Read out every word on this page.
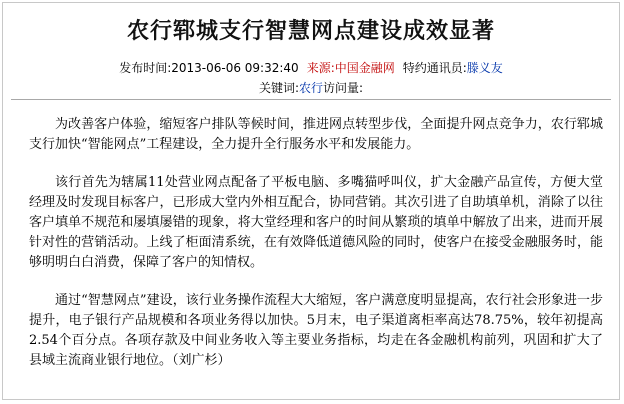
农行郓城支行智慧网点建设成效显著
发布时间:2013-06-06 09:32:40 来源:中国金融网 特约通讯员:滕义友
关键词:农行访问量:

为改善客户体验，缩短客户排队等候时间，推进网点转型步伐，全面提升网点竞争力，农行郓城支行加快“智能网点”工程建设，全力提升全行服务水平和发展能力。

该行首先为辖属11处营业网点配备了平板电脑、多嘴猫呼叫仪，扩大金融产品宣传，方便大堂经理及时发现目标客户，已形成大堂内外相互配合，协同营销。其次引进了自助填单机，消除了以往客户填单不规范和屡填屡错的现象，将大堂经理和客户的时间从繁琐的填单中解放了出来，进而开展针对性的营销活动。上线了柜面清系统，在有效降低道德风险的同时，使客户在接受金融服务时，能够明明白白消费，保障了客户的知情权。

通过“智慧网点”建设，该行业务操作流程大大缩短，客户满意度明显提高，农行社会形象进一步提升，电子银行产品规模和各项业务得以加快。5月末，电子渠道离柜率高达78.75%，较年初提高2.54个百分点。各项存款及中间业务收入等主要业务指标，均走在各金融机构前列，巩固和扩大了县域主流商业银行地位。（刘广杉）
